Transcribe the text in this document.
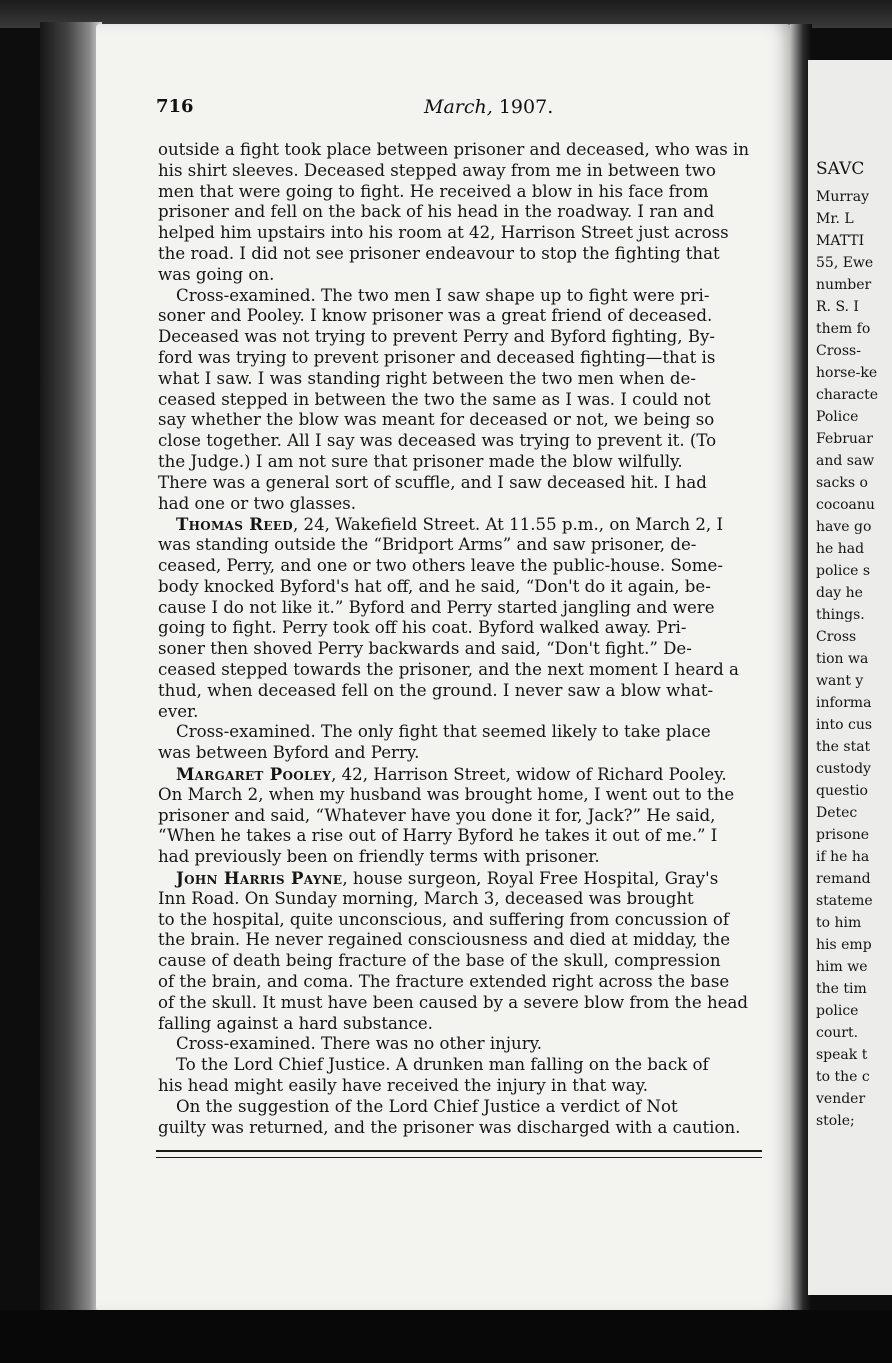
SAVC
Murray
Mr. L
MATTI
55, Ewe
number
R. S. I
them fo
Cross-
horse-ke
characte
Police
Februar
and saw
sacks o
cocoanu
have go
he had
police s
day he
things.
Cross
tion wa
want y
informa
into cus
the stat
custody
questio
Detec
prisone
if he ha
remand
stateme
to him
his emp
him we
the tim
police
court.
speak t
to the c
vender
stole;
716	March, 1907.
outside a fight took place between prisoner and deceased, who was in
his shirt sleeves. Deceased stepped away from me in between two
men that were going to fight. He received a blow in his face from
prisoner and fell on the back of his head in the roadway. I ran and
helped him upstairs into his room at 42, Harrison Street just across
the road. I did not see prisoner endeavour to stop the fighting that
was going on.
Cross-examined. The two men I saw shape up to fight were pri-
soner and Pooley. I know prisoner was a great friend of deceased.
Deceased was not trying to prevent Perry and Byford fighting, By-
ford was trying to prevent prisoner and deceased fighting—that is
what I saw. I was standing right between the two men when de-
ceased stepped in between the two the same as I was. I could not
say whether the blow was meant for deceased or not, we being so
close together. All I say was deceased was trying to prevent it. (To
the Judge.) I am not sure that prisoner made the blow wilfully.
There was a general sort of scuffle, and I saw deceased hit. I had
had one or two glasses.
Thomas Reed, 24, Wakefield Street. At 11.55 p.m., on March 2, I
was standing outside the “Bridport Arms” and saw prisoner, de-
ceased, Perry, and one or two others leave the public-house. Some-
body knocked Byford's hat off, and he said, “Don't do it again, be-
cause I do not like it.” Byford and Perry started jangling and were
going to fight. Perry took off his coat. Byford walked away. Pri-
soner then shoved Perry backwards and said, “Don't fight.” De-
ceased stepped towards the prisoner, and the next moment I heard a
thud, when deceased fell on the ground. I never saw a blow what-
ever.
Cross-examined. The only fight that seemed likely to take place
was between Byford and Perry.
Margaret Pooley, 42, Harrison Street, widow of Richard Pooley.
On March 2, when my husband was brought home, I went out to the
prisoner and said, “Whatever have you done it for, Jack?” He said,
“When he takes a rise out of Harry Byford he takes it out of me.” I
had previously been on friendly terms with prisoner.
John Harris Payne, house surgeon, Royal Free Hospital, Gray's
Inn Road. On Sunday morning, March 3, deceased was brought
to the hospital, quite unconscious, and suffering from concussion of
the brain. He never regained consciousness and died at midday, the
cause of death being fracture of the base of the skull, compression
of the brain, and coma. The fracture extended right across the base
of the skull. It must have been caused by a severe blow from the head
falling against a hard substance.
Cross-examined. There was no other injury.
To the Lord Chief Justice. A drunken man falling on the back of
his head might easily have received the injury in that way.
On the suggestion of the Lord Chief Justice a verdict of Not
guilty was returned, and the prisoner was discharged with a caution.
